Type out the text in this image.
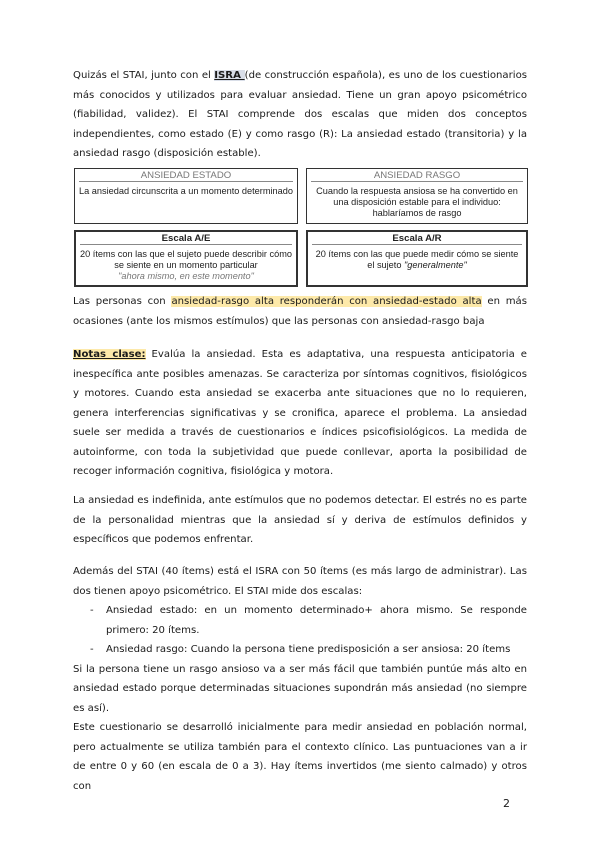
Quizás el STAI, junto con el ISRA (de construcción española), es uno de los cuestionarios más conocidos y utilizados para evaluar ansiedad. Tiene un gran apoyo psicométrico (fiabilidad, validez). El STAI comprende dos escalas que miden dos conceptos independientes, como estado (E) y como rasgo (R): La ansiedad estado (transitoria) y la ansiedad rasgo (disposición estable).
ANSIEDAD ESTADO
La ansiedad circunscrita a un momento determinado
ANSIEDAD RASGO
Cuando la respuesta ansiosa se ha convertido en una disposición estable para el individuo: hablaríamos de rasgo
Escala A/E
20 ítems con las que el sujeto puede describir cómo se siente en un momento particular
"ahora mismo, en este momento"
Escala A/R
20 ítems con las que puede medir cómo se siente el sujeto "generalmente"
Las personas con ansiedad-rasgo alta responderán con ansiedad-estado alta en más ocasiones (ante los mismos estímulos) que las personas con ansiedad-rasgo baja
Notas clase: Evalúa la ansiedad. Esta es adaptativa, una respuesta anticipatoria e inespecífica ante posibles amenazas. Se caracteriza por síntomas cognitivos, fisiológicos y motores. Cuando esta ansiedad se exacerba ante situaciones que no lo requieren, genera interferencias significativas y se cronifica, aparece el problema. La ansiedad suele ser medida a través de cuestionarios e índices psicofisiológicos. La medida de autoinforme, con toda la subjetividad que puede conllevar, aporta la posibilidad de recoger información cognitiva, fisiológica y motora.
La ansiedad es indefinida, ante estímulos que no podemos detectar. El estrés no es parte de la personalidad mientras que la ansiedad sí y deriva de estímulos definidos y específicos que podemos enfrentar.
Además del STAI (40 ítems) está el ISRA con 50 ítems (es más largo de administrar). Las dos tienen apoyo psicométrico. El STAI mide dos escalas:
- Ansiedad estado: en un momento determinado+ ahora mismo. Se responde primero: 20 ítems.
- Ansiedad rasgo: Cuando la persona tiene predisposición a ser ansiosa: 20 ítems
Si la persona tiene un rasgo ansioso va a ser más fácil que también puntúe más alto en ansiedad estado porque determinadas situaciones supondrán más ansiedad (no siempre es así).
Este cuestionario se desarrolló inicialmente para medir ansiedad en población normal, pero actualmente se utiliza también para el contexto clínico. Las puntuaciones van a ir de entre 0 y 60 (en escala de 0 a 3). Hay ítems invertidos (me siento calmado) y otros con
2
